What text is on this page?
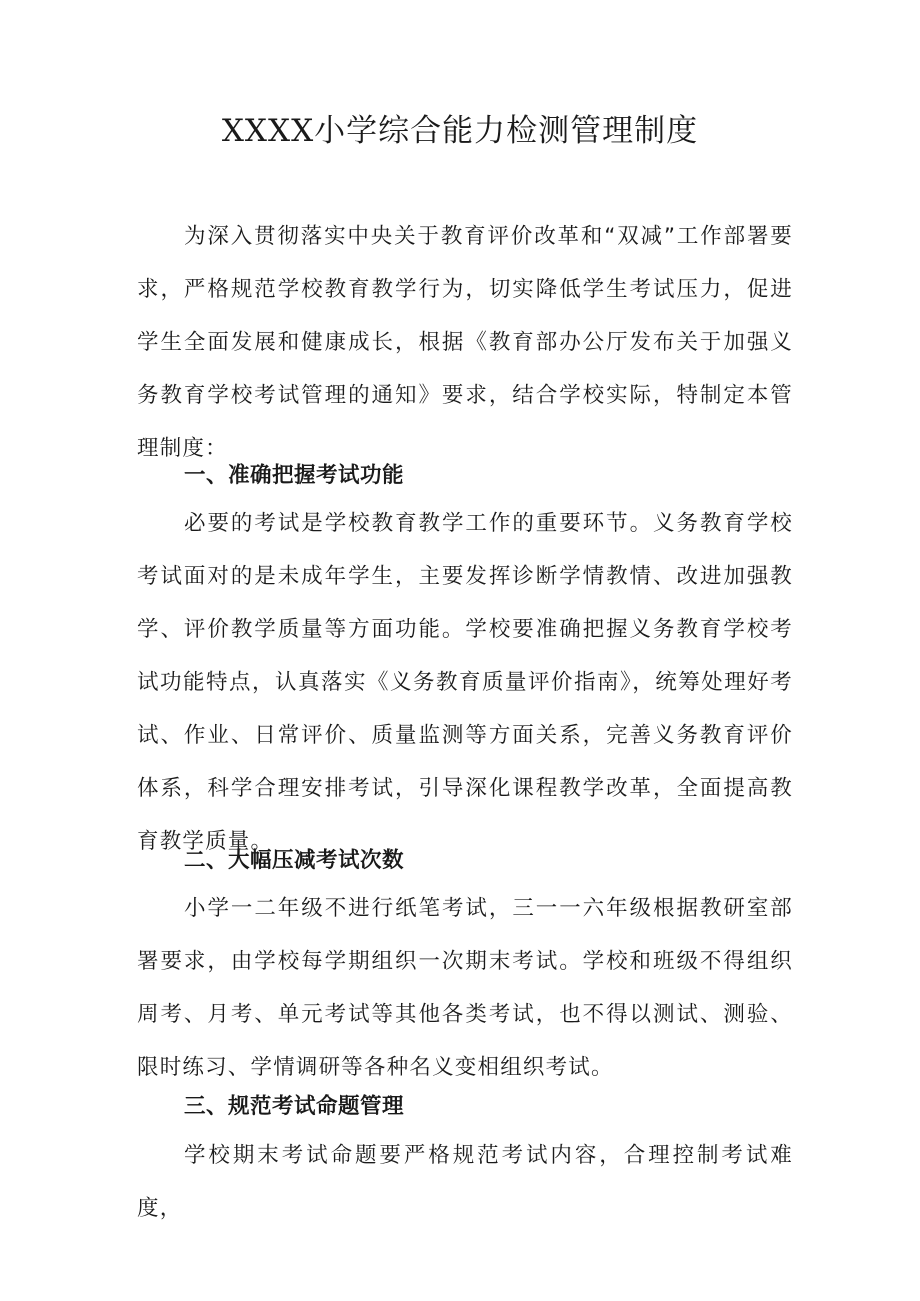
XXXX小学综合能力检测管理制度

为深入贯彻落实中央关于教育评价改革和“双减”工作部署要求，严格规范学校教育教学行为，切实降低学生考试压力，促进学生全面发展和健康成长，根据《教育部办公厅发布关于加强义务教育学校考试管理的通知》要求，结合学校实际，特制定本管理制度：

一、准确把握考试功能

必要的考试是学校教育教学工作的重要环节。义务教育学校考试面对的是未成年学生，主要发挥诊断学情教情、改进加强教学、评价教学质量等方面功能。学校要准确把握义务教育学校考试功能特点，认真落实《义务教育质量评价指南》，统筹处理好考试、作业、日常评价、质量监测等方面关系，完善义务教育评价体系，科学合理安排考试，引导深化课程教学改革，全面提高教育教学质量。

二、大幅压减考试次数

小学一二年级不进行纸笔考试，三一一六年级根据教研室部署要求，由学校每学期组织一次期末考试。学校和班级不得组织周考、月考、单元考试等其他各类考试，也不得以测试、测验、限时练习、学情调研等各种名义变相组织考试。

三、规范考试命题管理

学校期末考试命题要严格规范考试内容，合理控制考试难度，
